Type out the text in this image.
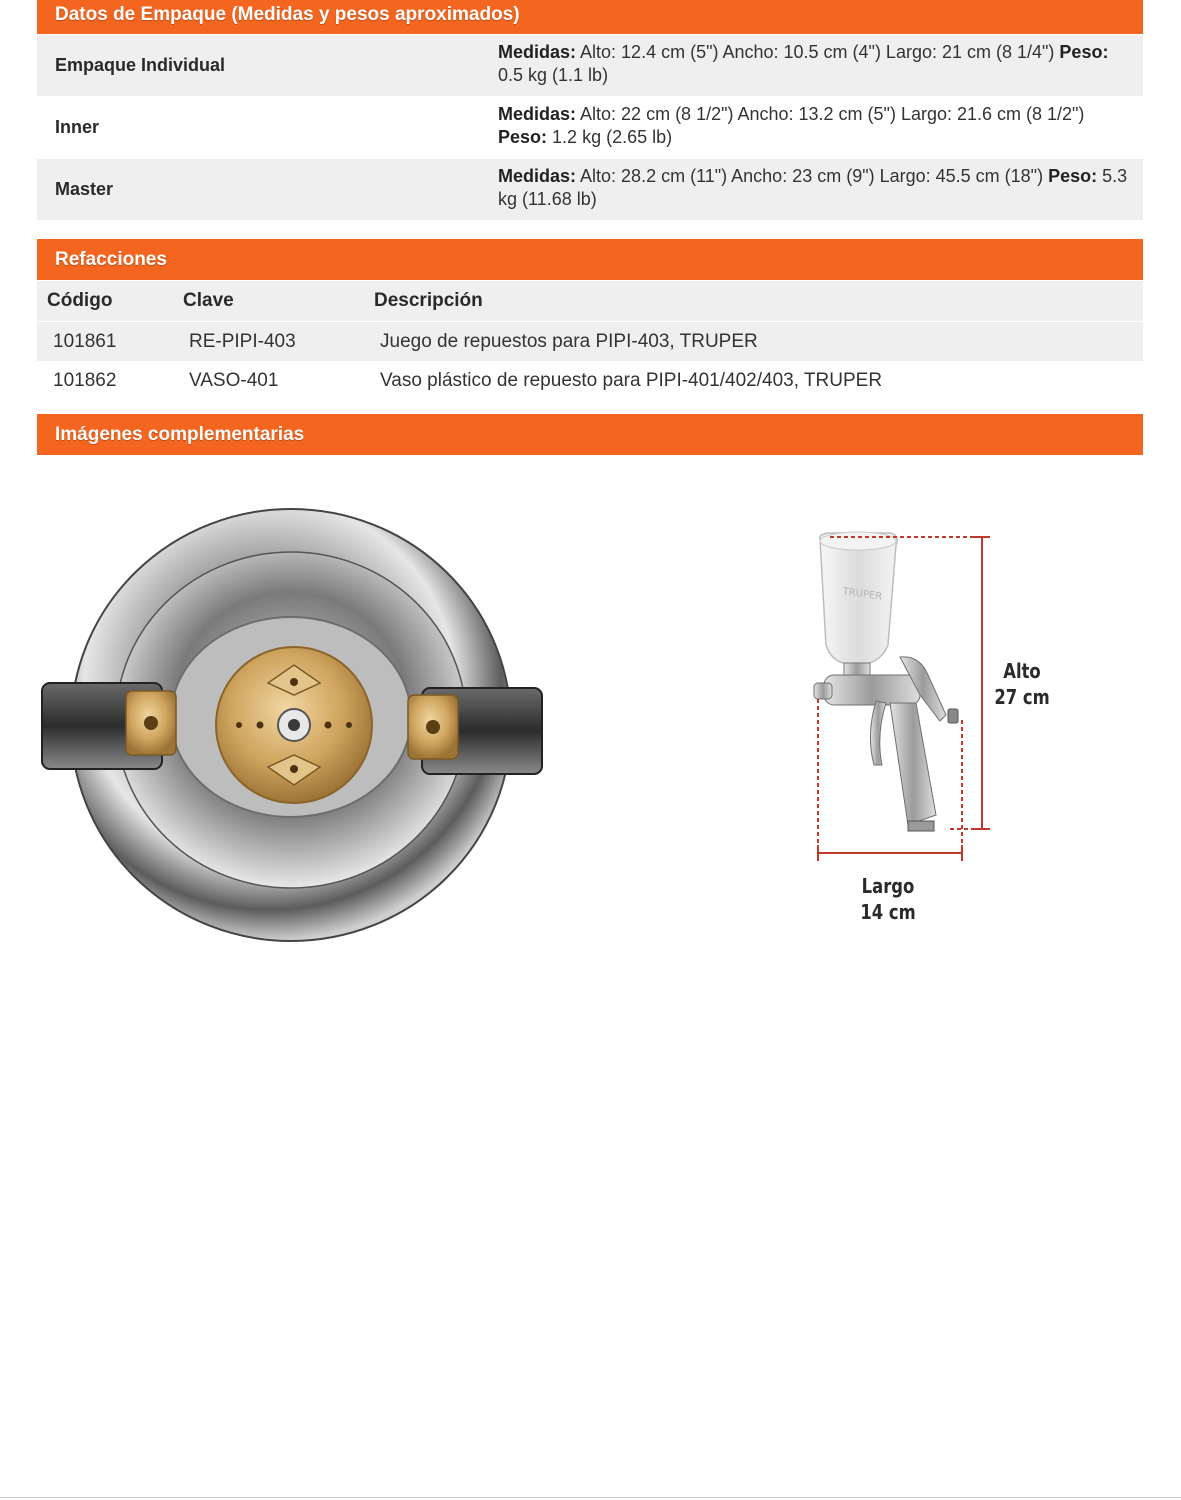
Datos de Empaque (Medidas y pesos aproximados)
Empaque Individual
Medidas: Alto: 12.4 cm (5") Ancho: 10.5 cm (4") Largo: 21 cm (8 1/4") Peso: 0.5 kg (1.1 lb)
Inner
Medidas: Alto: 22 cm (8 1/2") Ancho: 13.2 cm (5") Largo: 21.6 cm (8 1/2") Peso: 1.2 kg (2.65 lb)
Master
Medidas: Alto: 28.2 cm (11") Ancho: 23 cm (9") Largo: 45.5 cm (18") Peso: 5.3 kg (11.68 lb)
Refacciones
Código	Clave	Descripción
101861	RE-PIPI-403	Juego de repuestos para PIPI-403, TRUPER
101862	VASO-401	Vaso plástico de repuesto para PIPI-401/402/403, TRUPER
Imágenes complementarias
TRUPER
Alto
27 cm
Largo
14 cm
